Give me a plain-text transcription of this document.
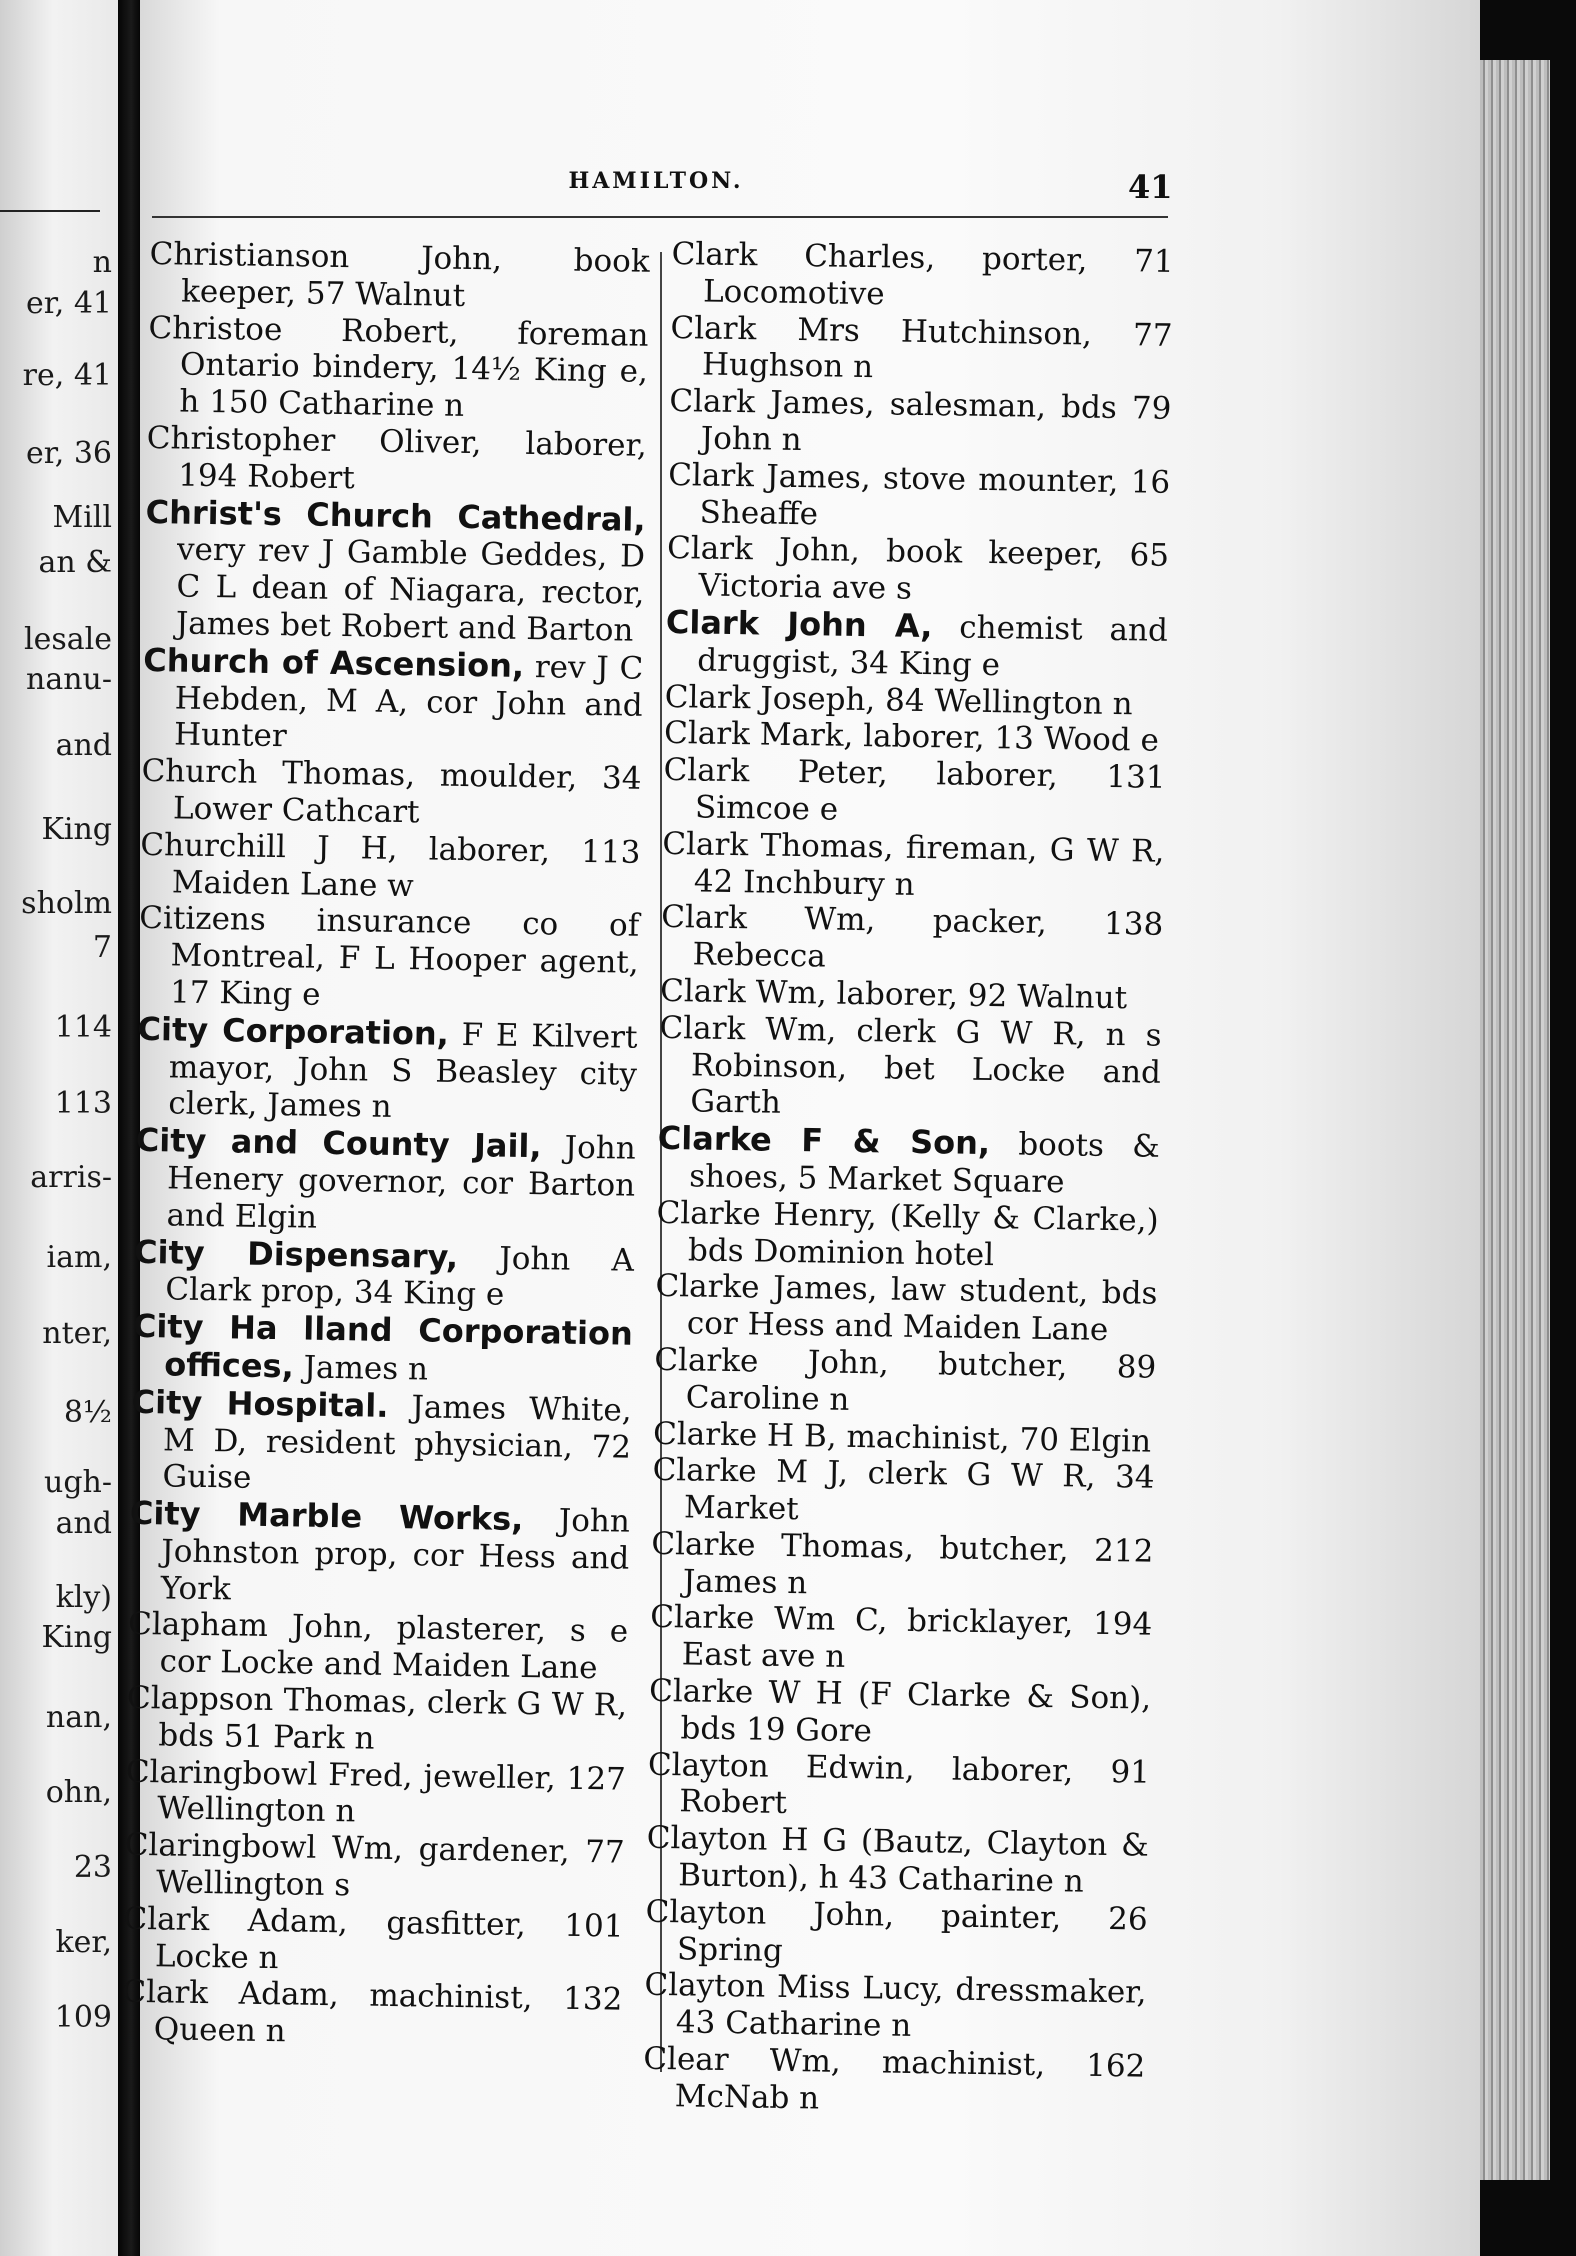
n
er, 41
re, 41
er, 36
Mill
an &
lesale
nanu-
and
King
sholm
7
114
113
arris-
iam,
nter,
8½
ugh-
and
kly)
King
nan,
ohn,
23
ker,
109
HAMILTON.	41
Christianson John, book keeper, 57 Walnut
Christoe Robert, foreman Ontario bindery, 14½ King e, h 150 Catharine n
Christopher Oliver, laborer, 194 Robert
Christ's Church Cathedral, very rev J Gamble Geddes, D C L dean of Niagara, rector, James bet Robert and Barton
Church of Ascension, rev J C Hebden, M A, cor John and Hunter
Church Thomas, moulder, 34 Lower Cathcart
Churchill J H, laborer, 113 Maiden Lane w
Citizens insurance co of Montreal, F L Hooper agent, 17 King e
City Corporation, F E Kilvert mayor, John S Beasley city clerk, James n
City and County Jail, John Henery governor, cor Barton and Elgin
City Dispensary, John A Clark prop, 34 King e
City Ha lland Corporation offices, James n
City Hospital. James White, M D, resident physician, 72 Guise
City Marble Works, John Johnston prop, cor Hess and York
Clapham John, plasterer, s e cor Locke and Maiden Lane
Clappson Thomas, clerk G W R, bds 51 Park n
Claringbowl Fred, jeweller, 127 Wellington n
Claringbowl Wm, gardener, 77 Wellington s
Clark Adam, gasfitter, 101 Locke n
Clark Adam, machinist, 132 Queen n
Clark Charles, porter, 71 Locomotive
Clark Mrs Hutchinson, 77 Hughson n
Clark James, salesman, bds 79 John n
Clark James, stove mounter, 16 Sheaffe
Clark John, book keeper, 65 Victoria ave s
Clark John A, chemist and druggist, 34 King e
Clark Joseph, 84 Wellington n
Clark Mark, laborer, 13 Wood e
Clark Peter, laborer, 131 Simcoe e
Clark Thomas, fireman, G W R, 42 Inchbury n
Clark Wm, packer, 138 Rebecca
Clark Wm, laborer, 92 Walnut
Clark Wm, clerk G W R, n s Robinson, bet Locke and Garth
Clarke F & Son, boots & shoes, 5 Market Square
Clarke Henry, (Kelly & Clarke,) bds Dominion hotel
Clarke James, law student, bds cor Hess and Maiden Lane
Clarke John, butcher, 89 Caroline n
Clarke H B, machinist, 70 Elgin
Clarke M J, clerk G W R, 34 Market
Clarke Thomas, butcher, 212 James n
Clarke Wm C, bricklayer, 194 East ave n
Clarke W H (F Clarke & Son), bds 19 Gore
Clayton Edwin, laborer, 91 Robert
Clayton H G (Bautz, Clayton & Burton), h 43 Catharine n
Clayton John, painter, 26 Spring
Clayton Miss Lucy, dressmaker, 43 Catharine n
Clear Wm, machinist, 162 McNab n
